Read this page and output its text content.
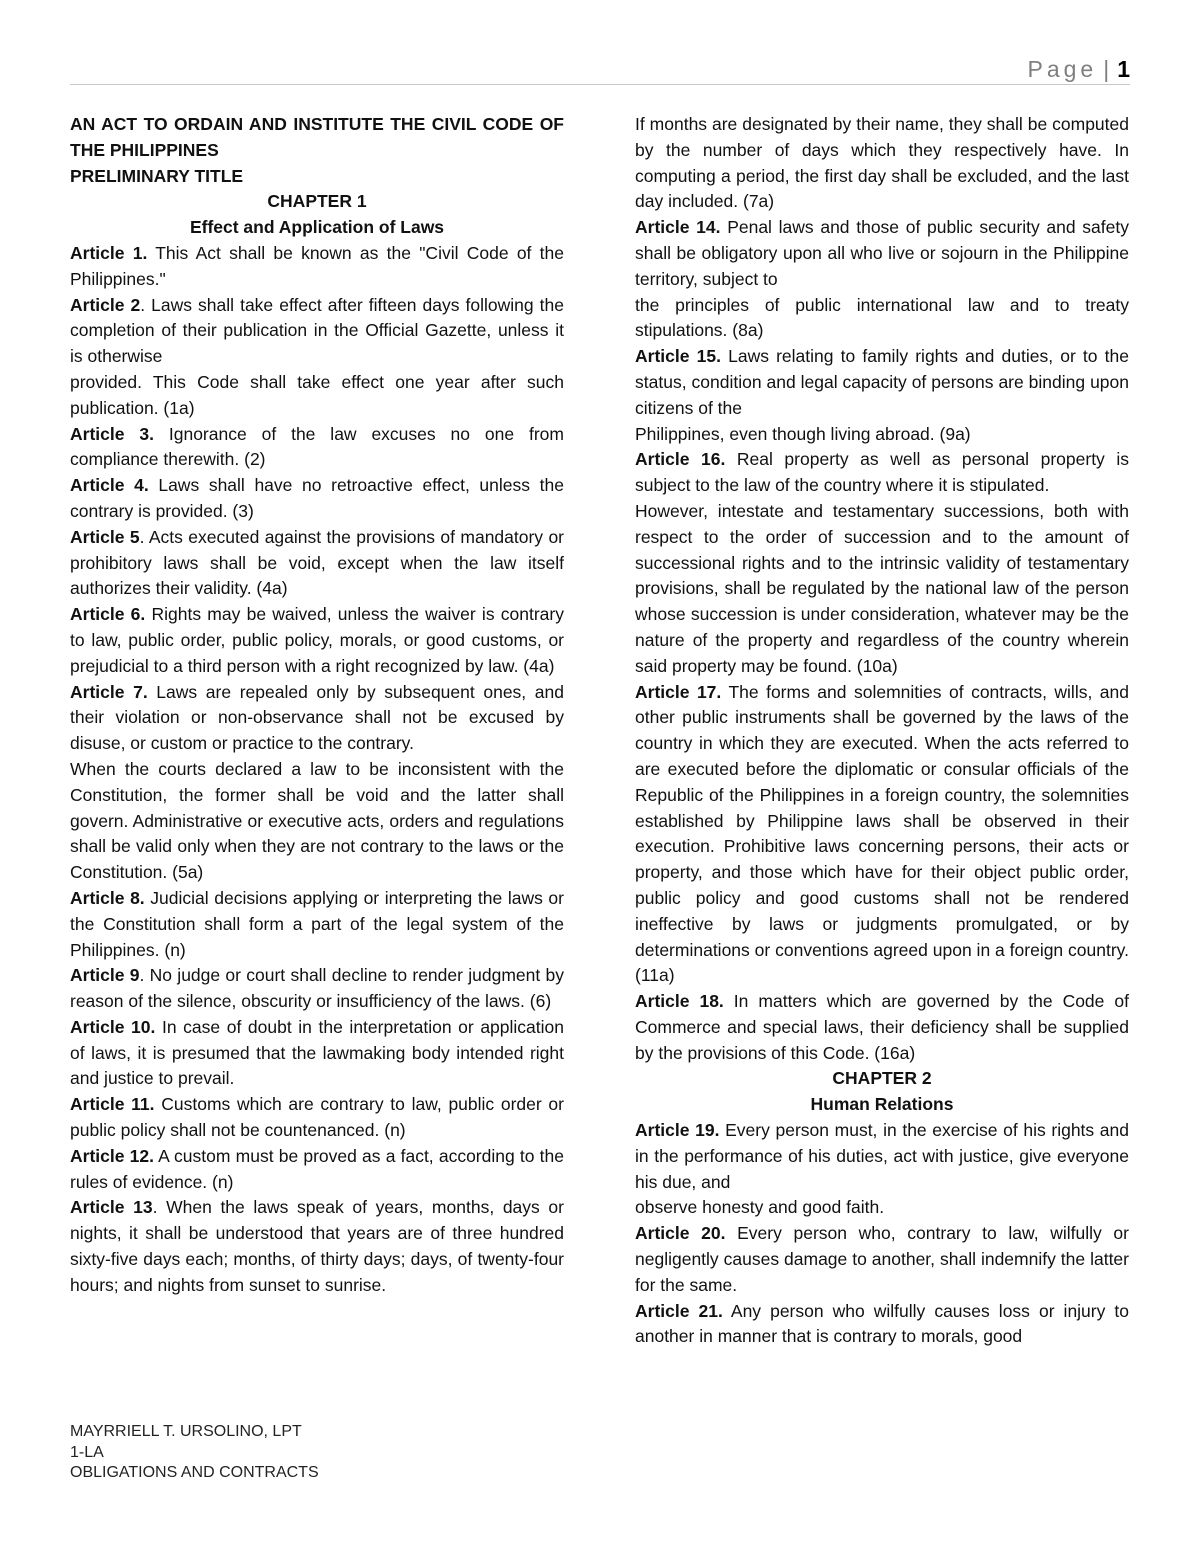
Page | 1

AN ACT TO ORDAIN AND INSTITUTE THE CIVIL CODE OF THE PHILIPPINES

PRELIMINARY TITLE

CHAPTER 1

Effect and Application of Laws

Article 1. This Act shall be known as the "Civil Code of the Philippines."

Article 2. Laws shall take effect after fifteen days following the completion of their publication in the Official Gazette, unless it is otherwise

provided. This Code shall take effect one year after such publication. (1a)

Article 3. Ignorance of the law excuses no one from compliance therewith. (2)

Article 4. Laws shall have no retroactive effect, unless the contrary is provided. (3)

Article 5. Acts executed against the provisions of mandatory or prohibitory laws shall be void, except when the law itself authorizes their validity. (4a)

Article 6. Rights may be waived, unless the waiver is contrary to law, public order, public policy, morals, or good customs, or prejudicial to a third person with a right recognized by law. (4a)

Article 7. Laws are repealed only by subsequent ones, and their violation or non-observance shall not be excused by disuse, or custom or practice to the contrary.

When the courts declared a law to be inconsistent with the Constitution, the former shall be void and the latter shall govern. Administrative or executive acts, orders and regulations shall be valid only when they are not contrary to the laws or the Constitution. (5a)

Article 8. Judicial decisions applying or interpreting the laws or the Constitution shall form a part of the legal system of the Philippines. (n)

Article 9. No judge or court shall decline to render judgment by reason of the silence, obscurity or insufficiency of the laws. (6)

Article 10. In case of doubt in the interpretation or application of laws, it is presumed that the lawmaking body intended right and justice to prevail.

Article 11. Customs which are contrary to law, public order or public policy shall not be countenanced. (n)

Article 12. A custom must be proved as a fact, according to the rules of evidence. (n)

Article 13. When the laws speak of years, months, days or nights, it shall be understood that years are of three hundred sixty-five days each; months, of thirty days; days, of twenty-four hours; and nights from sunset to sunrise.

If months are designated by their name, they shall be computed by the number of days which they respectively have. In computing a period, the first day shall be excluded, and the last day included. (7a)

Article 14. Penal laws and those of public security and safety shall be obligatory upon all who live or sojourn in the Philippine territory, subject to

the principles of public international law and to treaty stipulations. (8a)

Article 15. Laws relating to family rights and duties, or to the status, condition and legal capacity of persons are binding upon citizens of the

Philippines, even though living abroad. (9a)

Article 16. Real property as well as personal property is subject to the law of the country where it is stipulated.

However, intestate and testamentary successions, both with respect to the order of succession and to the amount of successional rights and to the intrinsic validity of testamentary provisions, shall be regulated by the national law of the person whose succession is under consideration, whatever may be the nature of the property and regardless of the country wherein said property may be found. (10a)

Article 17. The forms and solemnities of contracts, wills, and other public instruments shall be governed by the laws of the country in which they are executed. When the acts referred to are executed before the diplomatic or consular officials of the Republic of the Philippines in a foreign country, the solemnities established by Philippine laws shall be observed in their execution. Prohibitive laws concerning persons, their acts or property, and those which have for their object public order, public policy and good customs shall not be rendered ineffective by laws or judgments promulgated, or by determinations or conventions agreed upon in a foreign country. (11a)

Article 18. In matters which are governed by the Code of Commerce and special laws, their deficiency shall be supplied by the provisions of this Code. (16a)

CHAPTER 2

Human Relations

Article 19. Every person must, in the exercise of his rights and in the performance of his duties, act with justice, give everyone his due, and

observe honesty and good faith.

Article 20. Every person who, contrary to law, wilfully or negligently causes damage to another, shall indemnify the latter for the same.

Article 21. Any person who wilfully causes loss or injury to another in manner that is contrary to morals, good

MAYRRIELL T. URSOLINO, LPT
1-LA
OBLIGATIONS AND CONTRACTS
